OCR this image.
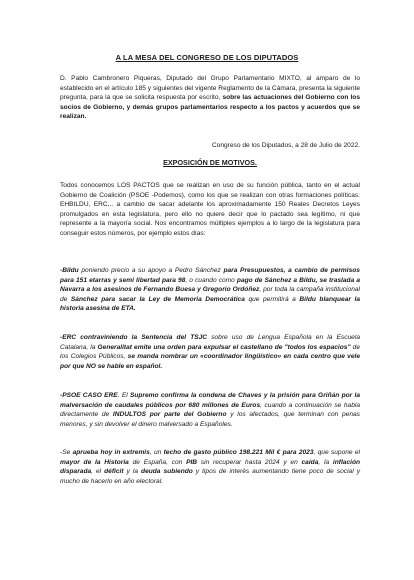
A LA MESA DEL CONGRESO DE LOS DIPUTADOS
D. Pablo Cambronero Piqueras, Diputado del Grupo Parlamentario MIXTO, al amparo de lo establecido en el artículo 185 y siguientes del vigente Reglamento de la Cámara, presenta la siguiente pregunta, para la que se solicita respuesta por escrito, sobre las actuaciones del Gobierno con los socios de Gobierno, y demás grupos parlamentarios respecto a los pactos y acuerdos que se realizan.
Congreso de los Diputados, a 28 de Julio de 2022.
EXPOSICIÓN DE MOTIVOS.
Todos conocemos LOS PACTOS que se realizan en uso de su función pública, tanto en el actual Gobierno de Coalición (PSOE -Podemos), como los que se realizan con otras formaciones políticas: EHBILDU, ERC,.. a cambio de sacar adelante los aproximadamente 150 Reales Decretos Leyes promulgados en esta legislatura, pero ello no quiere decir que lo pactado sea legítimo, ni que represente a la mayoría social. Nos encontramos múltiples ejemplos a lo largo de la legislatura para conseguir estos números, por ejemplo estos días:
-Bildu poniendo precio a su apoyo a Pedro Sánchez para Presupuestos, a cambio de permisos para 151 etarras y semi libertad para 98, o cuando como pago de Sánchez a Bildu, se traslada a Navarra a los asesinos de Fernando Buesa y Gregorio Ordóñez, por toda la campaña institucional de Sánchez para sacar la Ley de Memoria Democrática que permitirá a Bildu blanquear la historia asesina de ETA.
-ERC contraviniendo la Sentencia del TSJC sobre uso de Lengua Española en la Escuela Catalana, la Generalitat emite una orden para expulsar el castellano de "todos los espacios" de los Colegios Públicos, se manda nombrar un «coordinador lingüístico» en cada centro que vele por que NO se hable en español.
-PSOE CASO ERE. El Supremo confirma la condena de Chaves y la prisión para Griñán por la malversación de caudales públicos por 680 millones de Euros, cuando a continuación se habla directamente de INDULTOS por parte del Gobierno y los afectados, que terminan con penas menores, y sin devolver el dinero malversado a Españoles.
-Se aprueba hoy in extremis, un techo de gasto público 198.221 Mil € para 2023, que supone el mayor de la Historia de España, con PIB sin recuperar hasta 2024 y en caída, la inflación disparada, el déficit y la deuda subiendo y tipos de interés aumentando tiene poco de social y mucho de hacerlo en año electoral.
